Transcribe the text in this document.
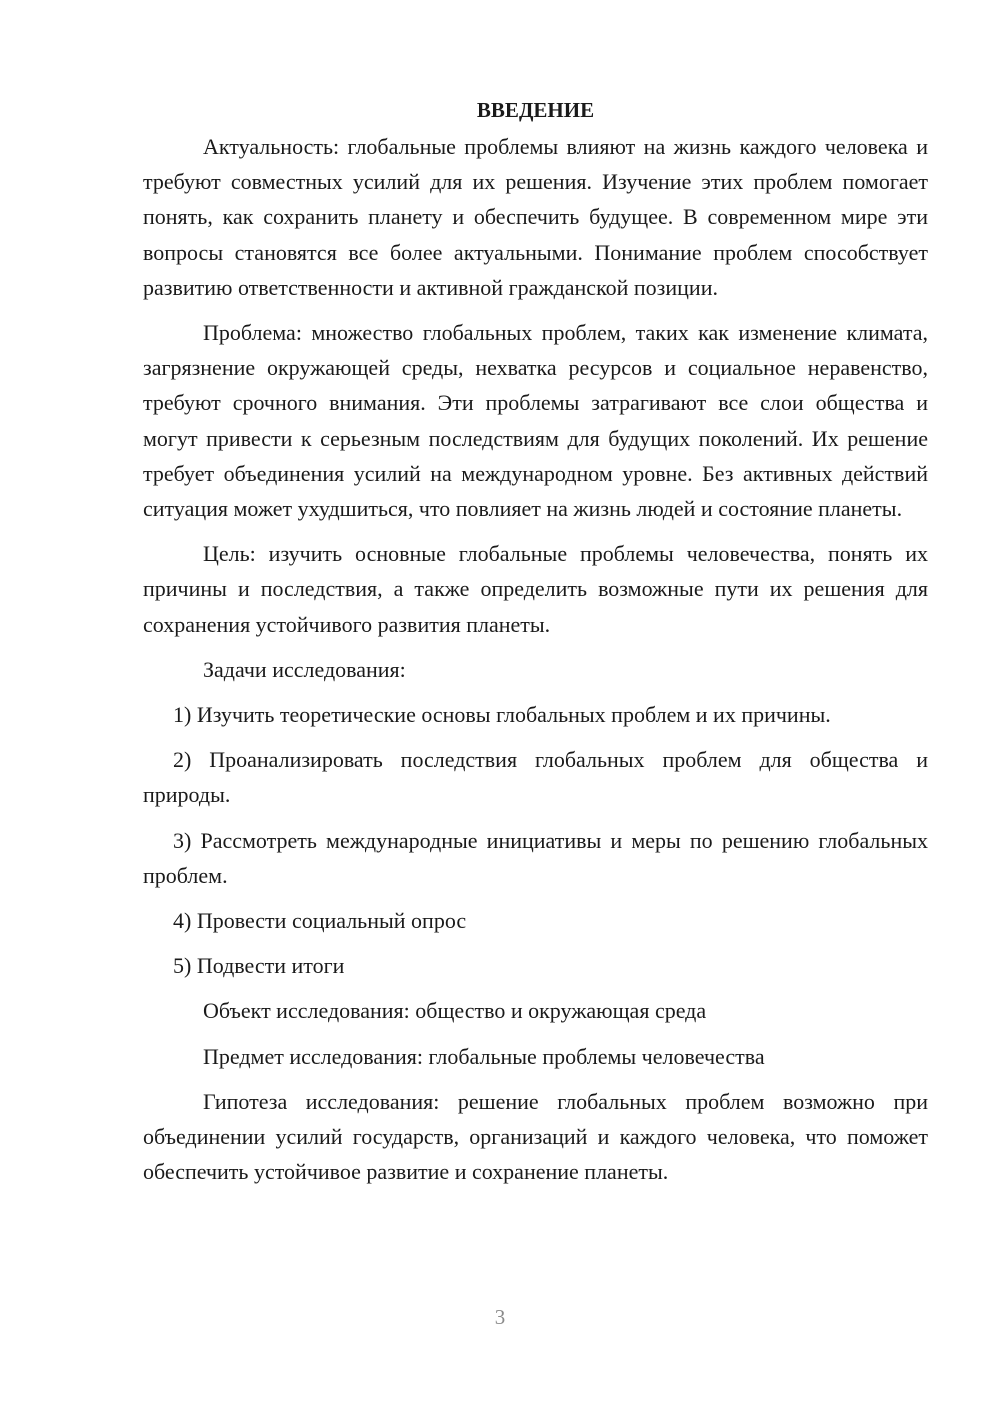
ВВЕДЕНИЕ

Актуальность: глобальные проблемы влияют на жизнь каждого человека и требуют совместных усилий для их решения. Изучение этих проблем помогает понять, как сохранить планету и обеспечить будущее. В современном мире эти вопросы становятся все более актуальными. Понимание проблем способствует развитию ответственности и активной гражданской позиции.

Проблема: множество глобальных проблем, таких как изменение климата, загрязнение окружающей среды, нехватка ресурсов и социальное неравенство, требуют срочного внимания. Эти проблемы затрагивают все слои общества и могут привести к серьезным последствиям для будущих поколений. Их решение требует объединения усилий на международном уровне. Без активных действий ситуация может ухудшиться, что повлияет на жизнь людей и состояние планеты.

Цель: изучить основные глобальные проблемы человечества, понять их причины и последствия, а также определить возможные пути их решения для сохранения устойчивого развития планеты.

Задачи исследования:

1) Изучить теоретические основы глобальных проблем и их причины.

2) Проанализировать последствия глобальных проблем для общества и природы.

3) Рассмотреть международные инициативы и меры по решению глобальных проблем.

4) Провести социальный опрос

5) Подвести итоги

Объект исследования: общество и окружающая среда

Предмет исследования: глобальные проблемы человечества

Гипотеза исследования: решение глобальных проблем возможно при объединении усилий государств, организаций и каждого человека, что поможет обеспечить устойчивое развитие и сохранение планеты.

3
